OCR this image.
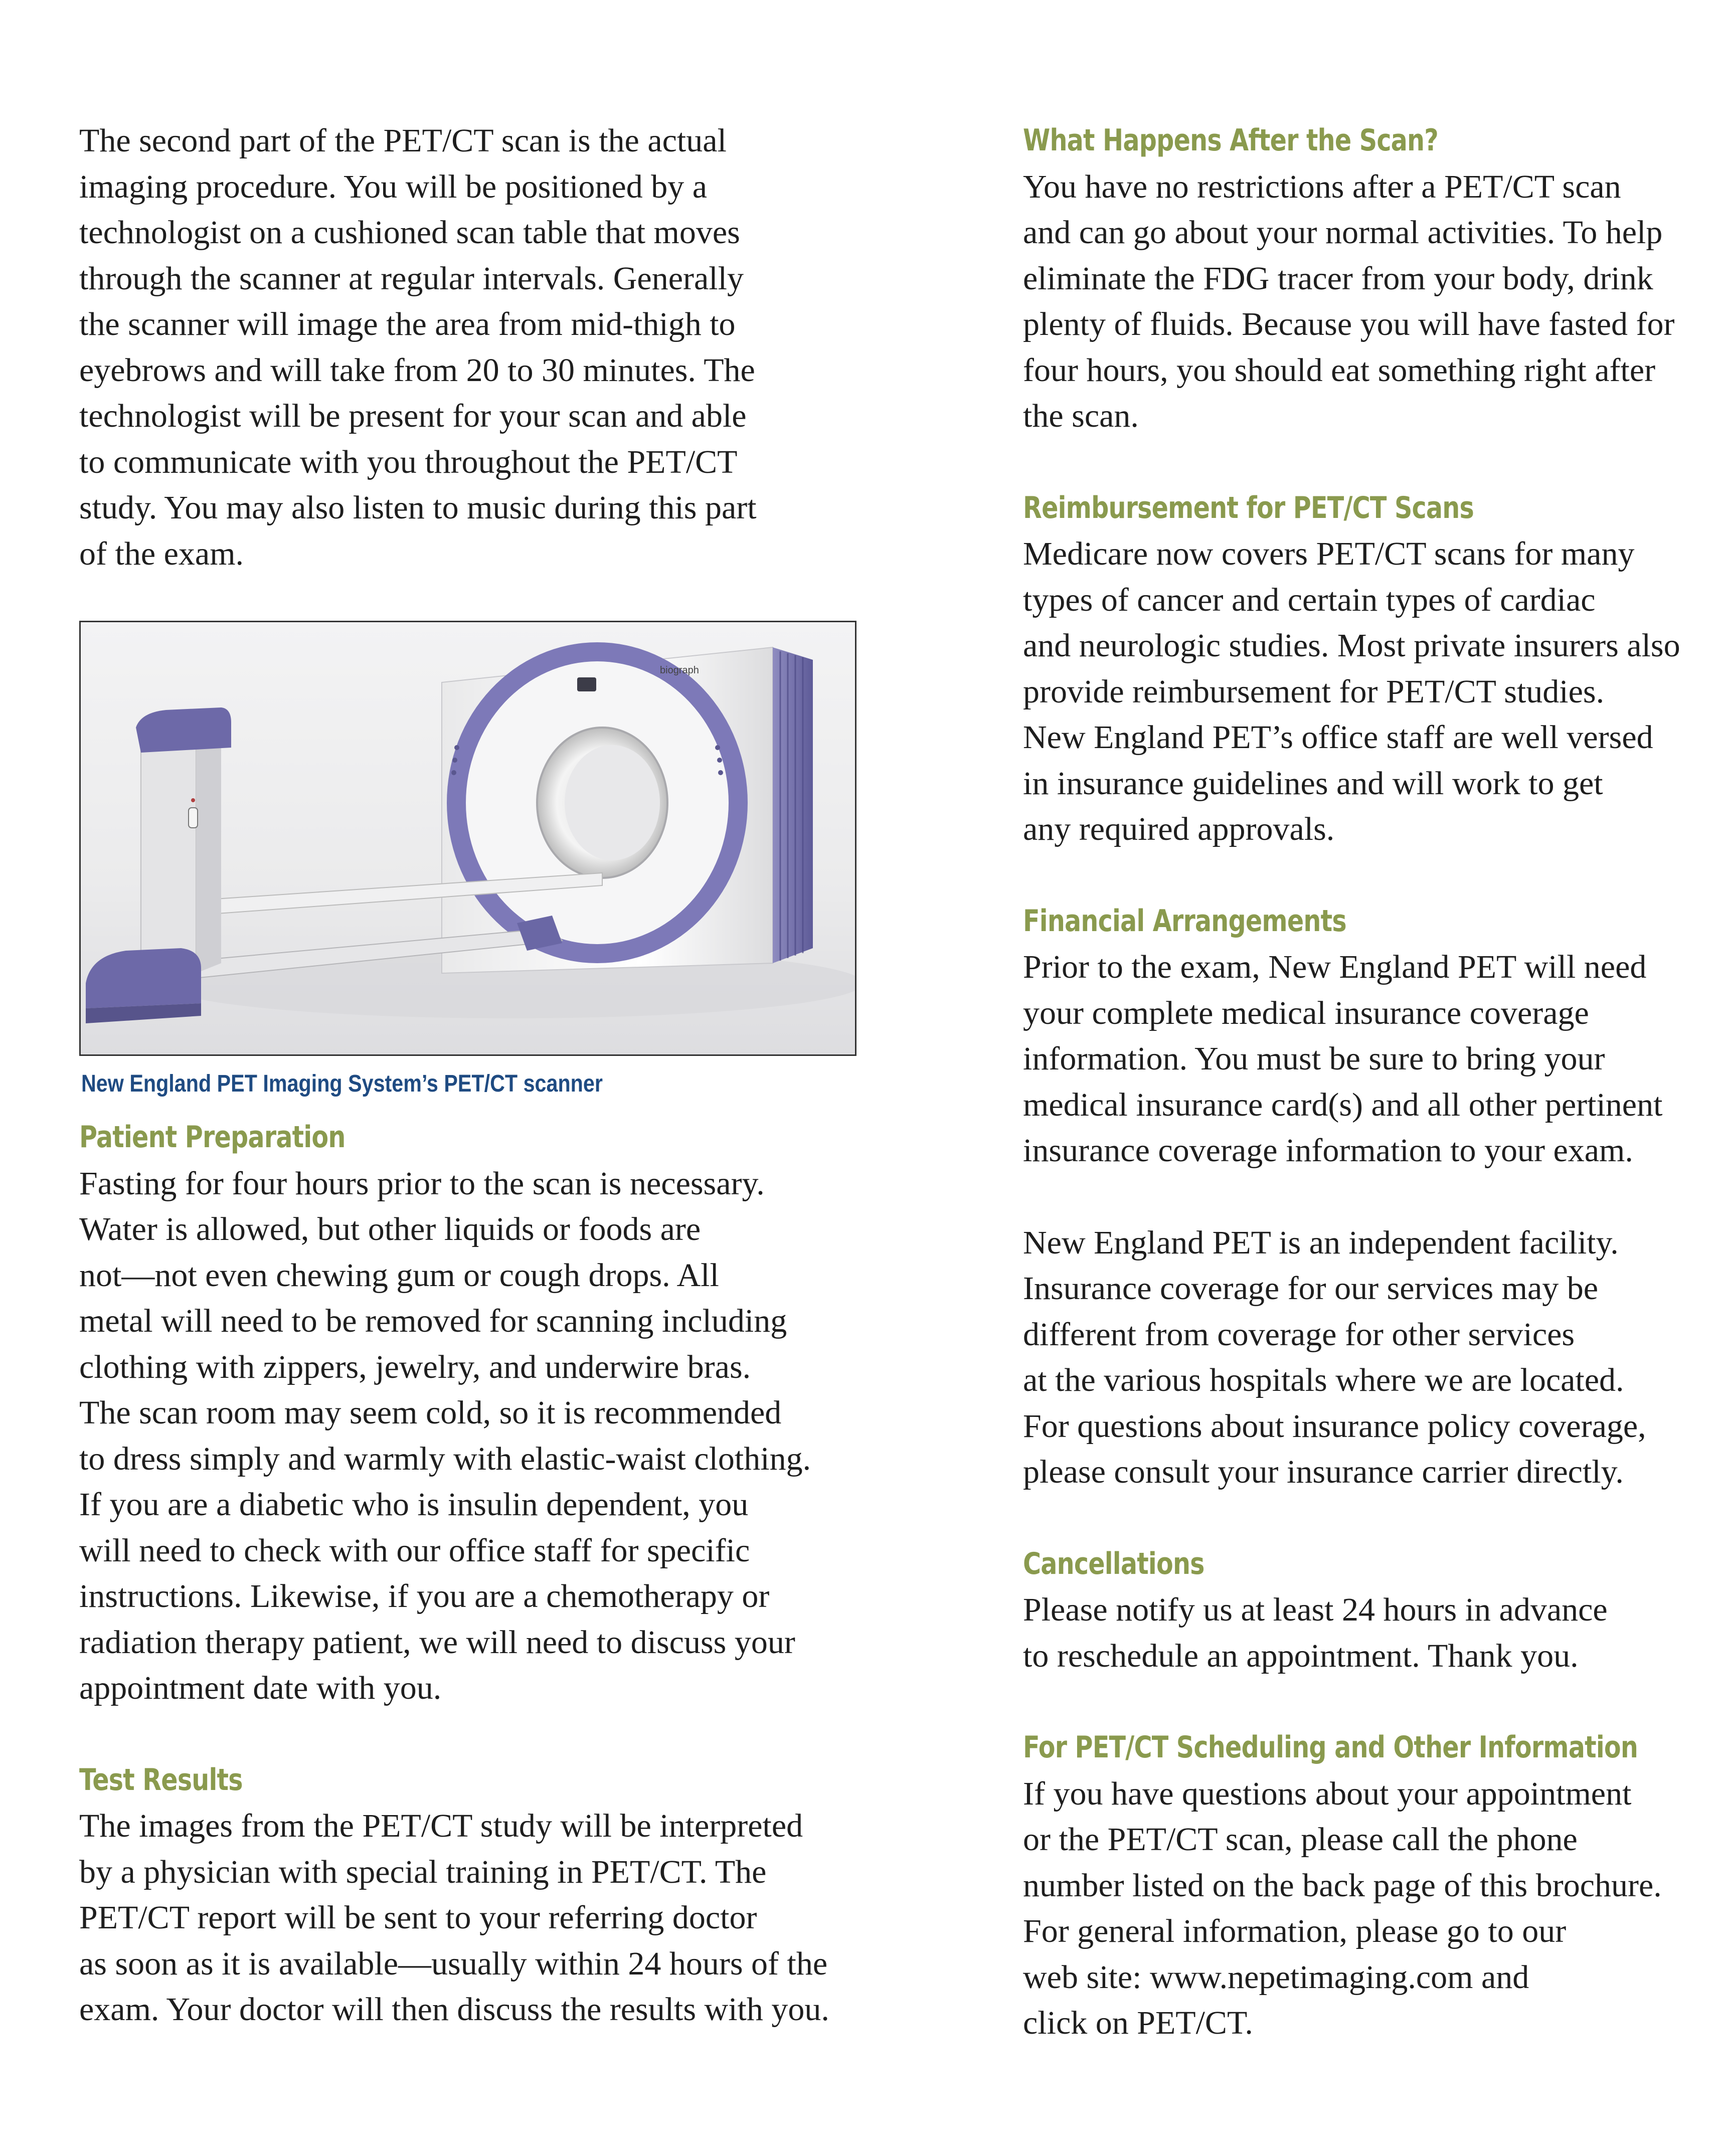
The second part of the PET/CT scan is the actual
imaging procedure. You will be positioned by a
technologist on a cushioned scan table that moves
through the scanner at regular intervals. Generally
the scanner will image the area from mid-thigh to
eyebrows and will take from 20 to 30 minutes. The
technologist will be present for your scan and able
to communicate with you throughout the PET/CT
study. You may also listen to music during this part
of the exam.

biograph
New England PET Imaging System’s PET/CT scanner
Patient Preparation

Fasting for four hours prior to the scan is necessary.
Water is allowed, but other liquids or foods are
not—not even chewing gum or cough drops. All
metal will need to be removed for scanning including
clothing with zippers, jewelry, and underwire bras.
The scan room may seem cold, so it is recommended
to dress simply and warmly with elastic-waist clothing.
If you are a diabetic who is insulin dependent, you
will need to check with our office staff for specific
instructions. Likewise, if you are a chemotherapy or
radiation therapy patient, we will need to discuss your
appointment date with you.

Test Results

The images from the PET/CT study will be interpreted
by a physician with special training in PET/CT. The
PET/CT report will be sent to your referring doctor
as soon as it is available—usually within 24 hours of the
exam. Your doctor will then discuss the results with you.

What Happens After the Scan?

You have no restrictions after a PET/CT scan
and can go about your normal activities. To help
eliminate the FDG tracer from your body, drink
plenty of fluids. Because you will have fasted for
four hours, you should eat something right after
the scan.

Reimbursement for PET/CT Scans

Medicare now covers PET/CT scans for many
types of cancer and certain types of cardiac
and neurologic studies. Most private insurers also
provide reimbursement for PET/CT studies.
New England PET’s office staff are well versed
in insurance guidelines and will work to get
any required approvals.

Financial Arrangements

Prior to the exam, New England PET will need
your complete medical insurance coverage
information. You must be sure to bring your
medical insurance card(s) and all other pertinent
insurance coverage information to your exam.

New England PET is an independent facility.
Insurance coverage for our services may be
different from coverage for other services
at the various hospitals where we are located.
For questions about insurance policy coverage,
please consult your insurance carrier directly.

Cancellations

Please notify us at least 24 hours in advance
to reschedule an appointment. Thank you.

For PET/CT Scheduling and Other Information

If you have questions about your appointment
or the PET/CT scan, please call the phone
number listed on the back page of this brochure.
For general information, please go to our
web site: www.nepetimaging.com and
click on PET/CT.
